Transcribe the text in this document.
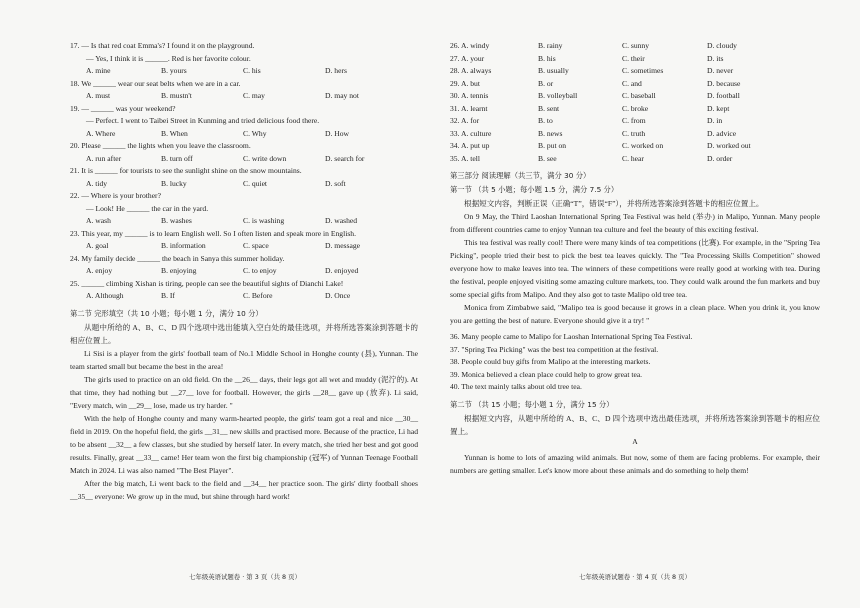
17. — Is that red coat Emma's? I found it on the playground.
— Yes, I think it is ______. Red is her favorite colour.
A. mine	B. yours	C. his	D. hers
18. We ______ wear our seat belts when we are in a car.
A. must	B. mustn't	C. may	D. may not
19. — ______ was your weekend?
— Perfect. I went to Taibei Street in Kunming and tried delicious food there.
A. Where	B. When	C. Why	D. How
20. Please ______ the lights when you leave the classroom.
A. run after	B. turn off	C. write down	D. search for
21. It is ______ for tourists to see the sunlight shine on the snow mountains.
A. tidy	B. lucky	C. quiet	D. soft
22. — Where is your brother?
— Look! He ______ the car in the yard.
A. wash	B. washes	C. is washing	D. washed
23. This year, my ______ is to learn English well. So I often listen and speak more in English.
A. goal	B. information	C. space	D. message
24. My family decide ______ the beach in Sanya this summer holiday.
A. enjoy	B. enjoying	C. to enjoy	D. enjoyed
25. ______ climbing Xishan is tiring, people can see the beautiful sights of Dianchi Lake!
A. Although	B. If	C. Before	D. Once
第二节 完形填空（共 10 小题；每小题 1 分，满分 10 分）

从题中所给的 A、B、C、D 四个选项中选出能填入空白处的最佳选项，并将所选答案涂到答题卡的相应位置上。

Li Sisi is a player from the girls' football team of No.1 Middle School in Honghe county (县), Yunnan. The team started small but became the best in the area!

The girls used to practice on an old field. On the __26__ days, their legs got all wet and muddy (泥泞的). At that time, they had nothing but __27__ love for football. However, the girls __28__ gave up (放弃). Li said, "Every match, win __29__ lose, made us try harder. "

With the help of Honghe county and many warm-hearted people, the girls' team got a real and nice __30__ field in 2019. On the hopeful field, the girls __31__ new skills and practised more. Because of the practice, Li had to be absent __32__ a few classes, but she studied by herself later. In every match, she tried her best and got good results. Finally, great __33__ came! Her team won the first big championship (冠军) of Yunnan Teenage Football Match in 2024. Li was also named "The Best Player".

After the big match, Li went back to the field and __34__ her practice soon. The girls' dirty football shoes __35__ everyone: We grow up in the mud, but shine through hard work!

七年级英语试题卷 · 第 3 页（共 8 页）
26. A. windy	B. rainy	C. sunny	D. cloudy
27. A. your	B. his	C. their	D. its
28. A. always	B. usually	C. sometimes	D. never
29. A. but	B. or	C. and	D. because
30. A. tennis	B. volleyball	C. baseball	D. football
31. A. learnt	B. sent	C. broke	D. kept
32. A. for	B. to	C. from	D. in
33. A. culture	B. news	C. truth	D. advice
34. A. put up	B. put on	C. worked on	D. worked out
35. A. tell	B. see	C. hear	D. order
第三部分 阅读理解（共三节，满分 30 分）
第一节 （共 5 小题；每小题 1.5 分，满分 7.5 分）

根据短文内容，判断正误（正确“T”，错误“F”），并将所选答案涂到答题卡的相应位置上。

On 9 May, the Third Laoshan International Spring Tea Festival was held (举办) in Malipo, Yunnan. Many people from different countries came to enjoy Yunnan tea culture and feel the beauty of this exciting festival.

This tea festival was really cool! There were many kinds of tea competitions (比赛). For example, in the "Spring Tea Picking", people tried their best to pick the best tea leaves quickly. The "Tea Processing Skills Competition" showed everyone how to make leaves into tea. The winners of these competitions were really good at working with tea. During the festival, people enjoyed visiting some amazing culture markets, too. They could walk around the fun markets and buy some special gifts from Malipo. And they also got to taste Malipo old tree tea.

Monica from Zimbabwe said, "Malipo tea is good because it grows in a clean place. When you drink it, you know you are getting the best of nature. Everyone should give it a try! "

36. Many people came to Malipo for Laoshan International Spring Tea Festival.
37. "Spring Tea Picking" was the best tea competition at the festival.
38. People could buy gifts from Malipo at the interesting markets.
39. Monica believed a clean place could help to grow great tea.
40. The text mainly talks about old tree tea.
第二节 （共 15 小题；每小题 1 分，满分 15 分）

根据短文内容，从题中所给的 A、B、C、D 四个选项中选出最佳选项，并将所选答案涂到答题卡的相应位置上。

A

Yunnan is home to lots of amazing wild animals. But now, some of them are facing problems. For example, their numbers are getting smaller. Let's know more about these animals and do something to help them!

七年级英语试题卷 · 第 4 页（共 8 页）
